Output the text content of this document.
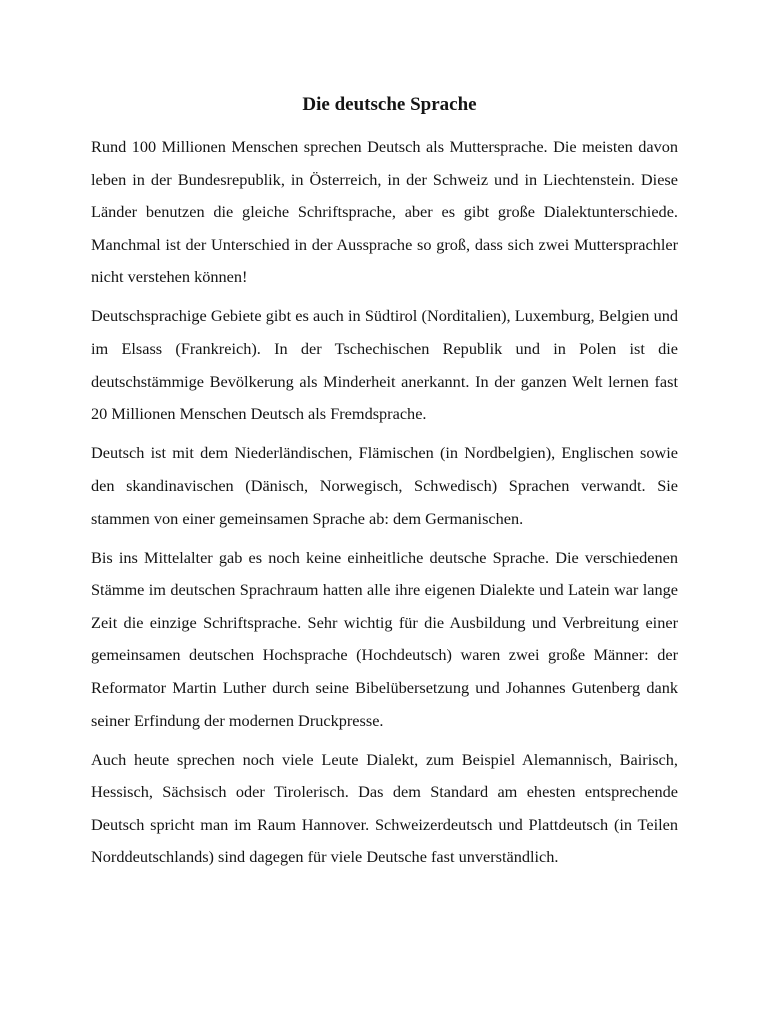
Die deutsche Sprache

Rund 100 Millionen Menschen sprechen Deutsch als Muttersprache. Die meisten davon leben in der Bundesrepublik, in Österreich, in der Schweiz und in Liechtenstein. Diese Länder benutzen die gleiche Schriftsprache, aber es gibt große Dialektunterschiede. Manchmal ist der Unterschied in der Aussprache so groß, dass sich zwei Muttersprachler nicht verstehen können!

Deutschsprachige Gebiete gibt es auch in Südtirol (Norditalien), Luxemburg, Belgien und im Elsass (Frankreich). In der Tschechischen Republik und in Polen ist die deutschstämmige Bevölkerung als Minderheit anerkannt. In der ganzen Welt lernen fast 20 Millionen Menschen Deutsch als Fremdsprache.

Deutsch ist mit dem Niederländischen, Flämischen (in Nordbelgien), Englischen sowie den skandinavischen (Dänisch, Norwegisch, Schwedisch) Sprachen verwandt. Sie stammen von einer gemeinsamen Sprache ab: dem Germanischen.

Bis ins Mittelalter gab es noch keine einheitliche deutsche Sprache. Die verschiedenen Stämme im deutschen Sprachraum hatten alle ihre eigenen Dialekte und Latein war lange Zeit die einzige Schriftsprache. Sehr wichtig für die Ausbildung und Verbreitung einer gemeinsamen deutschen Hochsprache (Hochdeutsch) waren zwei große Männer: der Reformator Martin Luther durch seine Bibelübersetzung und Johannes Gutenberg dank seiner Erfindung der modernen Druckpresse.

Auch heute sprechen noch viele Leute Dialekt, zum Beispiel Alemannisch, Bairisch, Hessisch, Sächsisch oder Tirolerisch. Das dem Standard am ehesten entsprechende Deutsch spricht man im Raum Hannover. Schweizerdeutsch und Plattdeutsch (in Teilen Norddeutschlands) sind dagegen für viele Deutsche fast unverständlich.
